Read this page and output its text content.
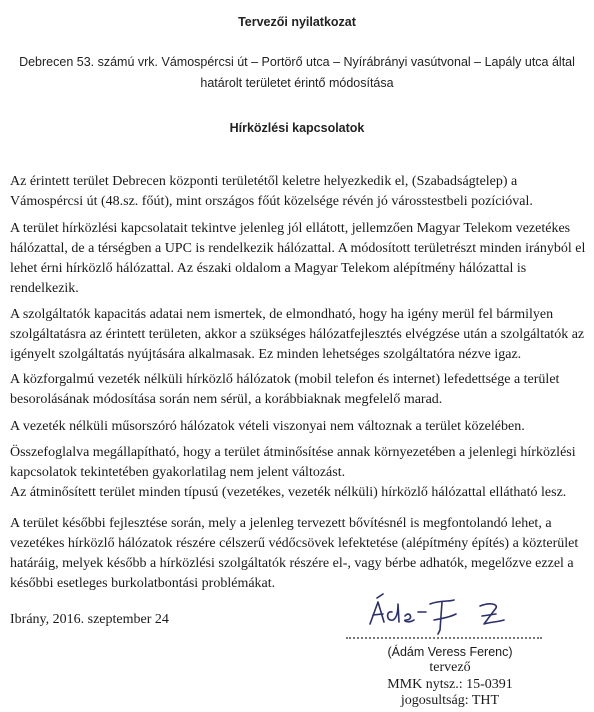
Tervezői nyilatkozat
Debrecen 53. számú vrk. Vámospércsi út – Portörő utca – Nyírábrányi vasútvonal – Lapály utca által határolt területet érintő módosítása
Hírközlési kapcsolatok
Az érintett terület Debrecen központi területétől keletre helyezkedik el, (Szabadságtelep) a Vámospércsi út (48.sz. főút), mint országos főút közelsége révén jó városstestbeli pozícióval.
A terület hírközlési kapcsolatait tekintve jelenleg jól ellátott, jellemzően Magyar Telekom vezetékes hálózattal, de a térségben a UPC is rendelkezik hálózattal. A módosított területrészt minden irányból el lehet érni hírközlő hálózattal. Az északi oldalom a Magyar Telekom alépítmény hálózattal is rendelkezik.
A szolgáltatók kapacitás adatai nem ismertek, de elmondható, hogy ha igény merül fel bármilyen szolgáltatásra az érintett területen, akkor a szükséges hálózatfejlesztés elvégzése után a szolgáltatók az igényelt szolgáltatás nyújtására alkalmasak. Ez minden lehetséges szolgáltatóra nézve igaz.
A közforgalmú vezeték nélküli hírközlő hálózatok (mobil telefon és internet) lefedettsége a terület besorolásának módosítása során nem sérül, a korábbiaknak megfelelő marad.
A vezeték nélküli műsorszóró hálózatok vételi viszonyai nem változnak a terület közelében.
Összefoglalva megállapítható, hogy a terület átminősítése annak környezetében a jelenlegi hírközlési kapcsolatok tekintetében gyakorlatilag nem jelent változást.
Az átminősített terület minden típusú (vezetékes, vezeték nélküli) hírközlő hálózattal ellátható lesz.
A terület későbbi fejlesztése során, mely a jelenleg tervezett bővítésnél is megfontolandó lehet, a vezetékes hírközlő hálózatok részére célszerű védőcsövek lefektetése (alépítmény építés) a közterület határáig, melyek később a hírközlési szolgáltatók részére el-, vagy bérbe adhatók, megelőzve ezzel a későbbi esetleges burkolatbontási problémákat.
Ibrány, 2016. szeptember 24
(Ádám Veress Ferenc)
tervező
MMK nytsz.: 15-0391
jogosultság: THT
